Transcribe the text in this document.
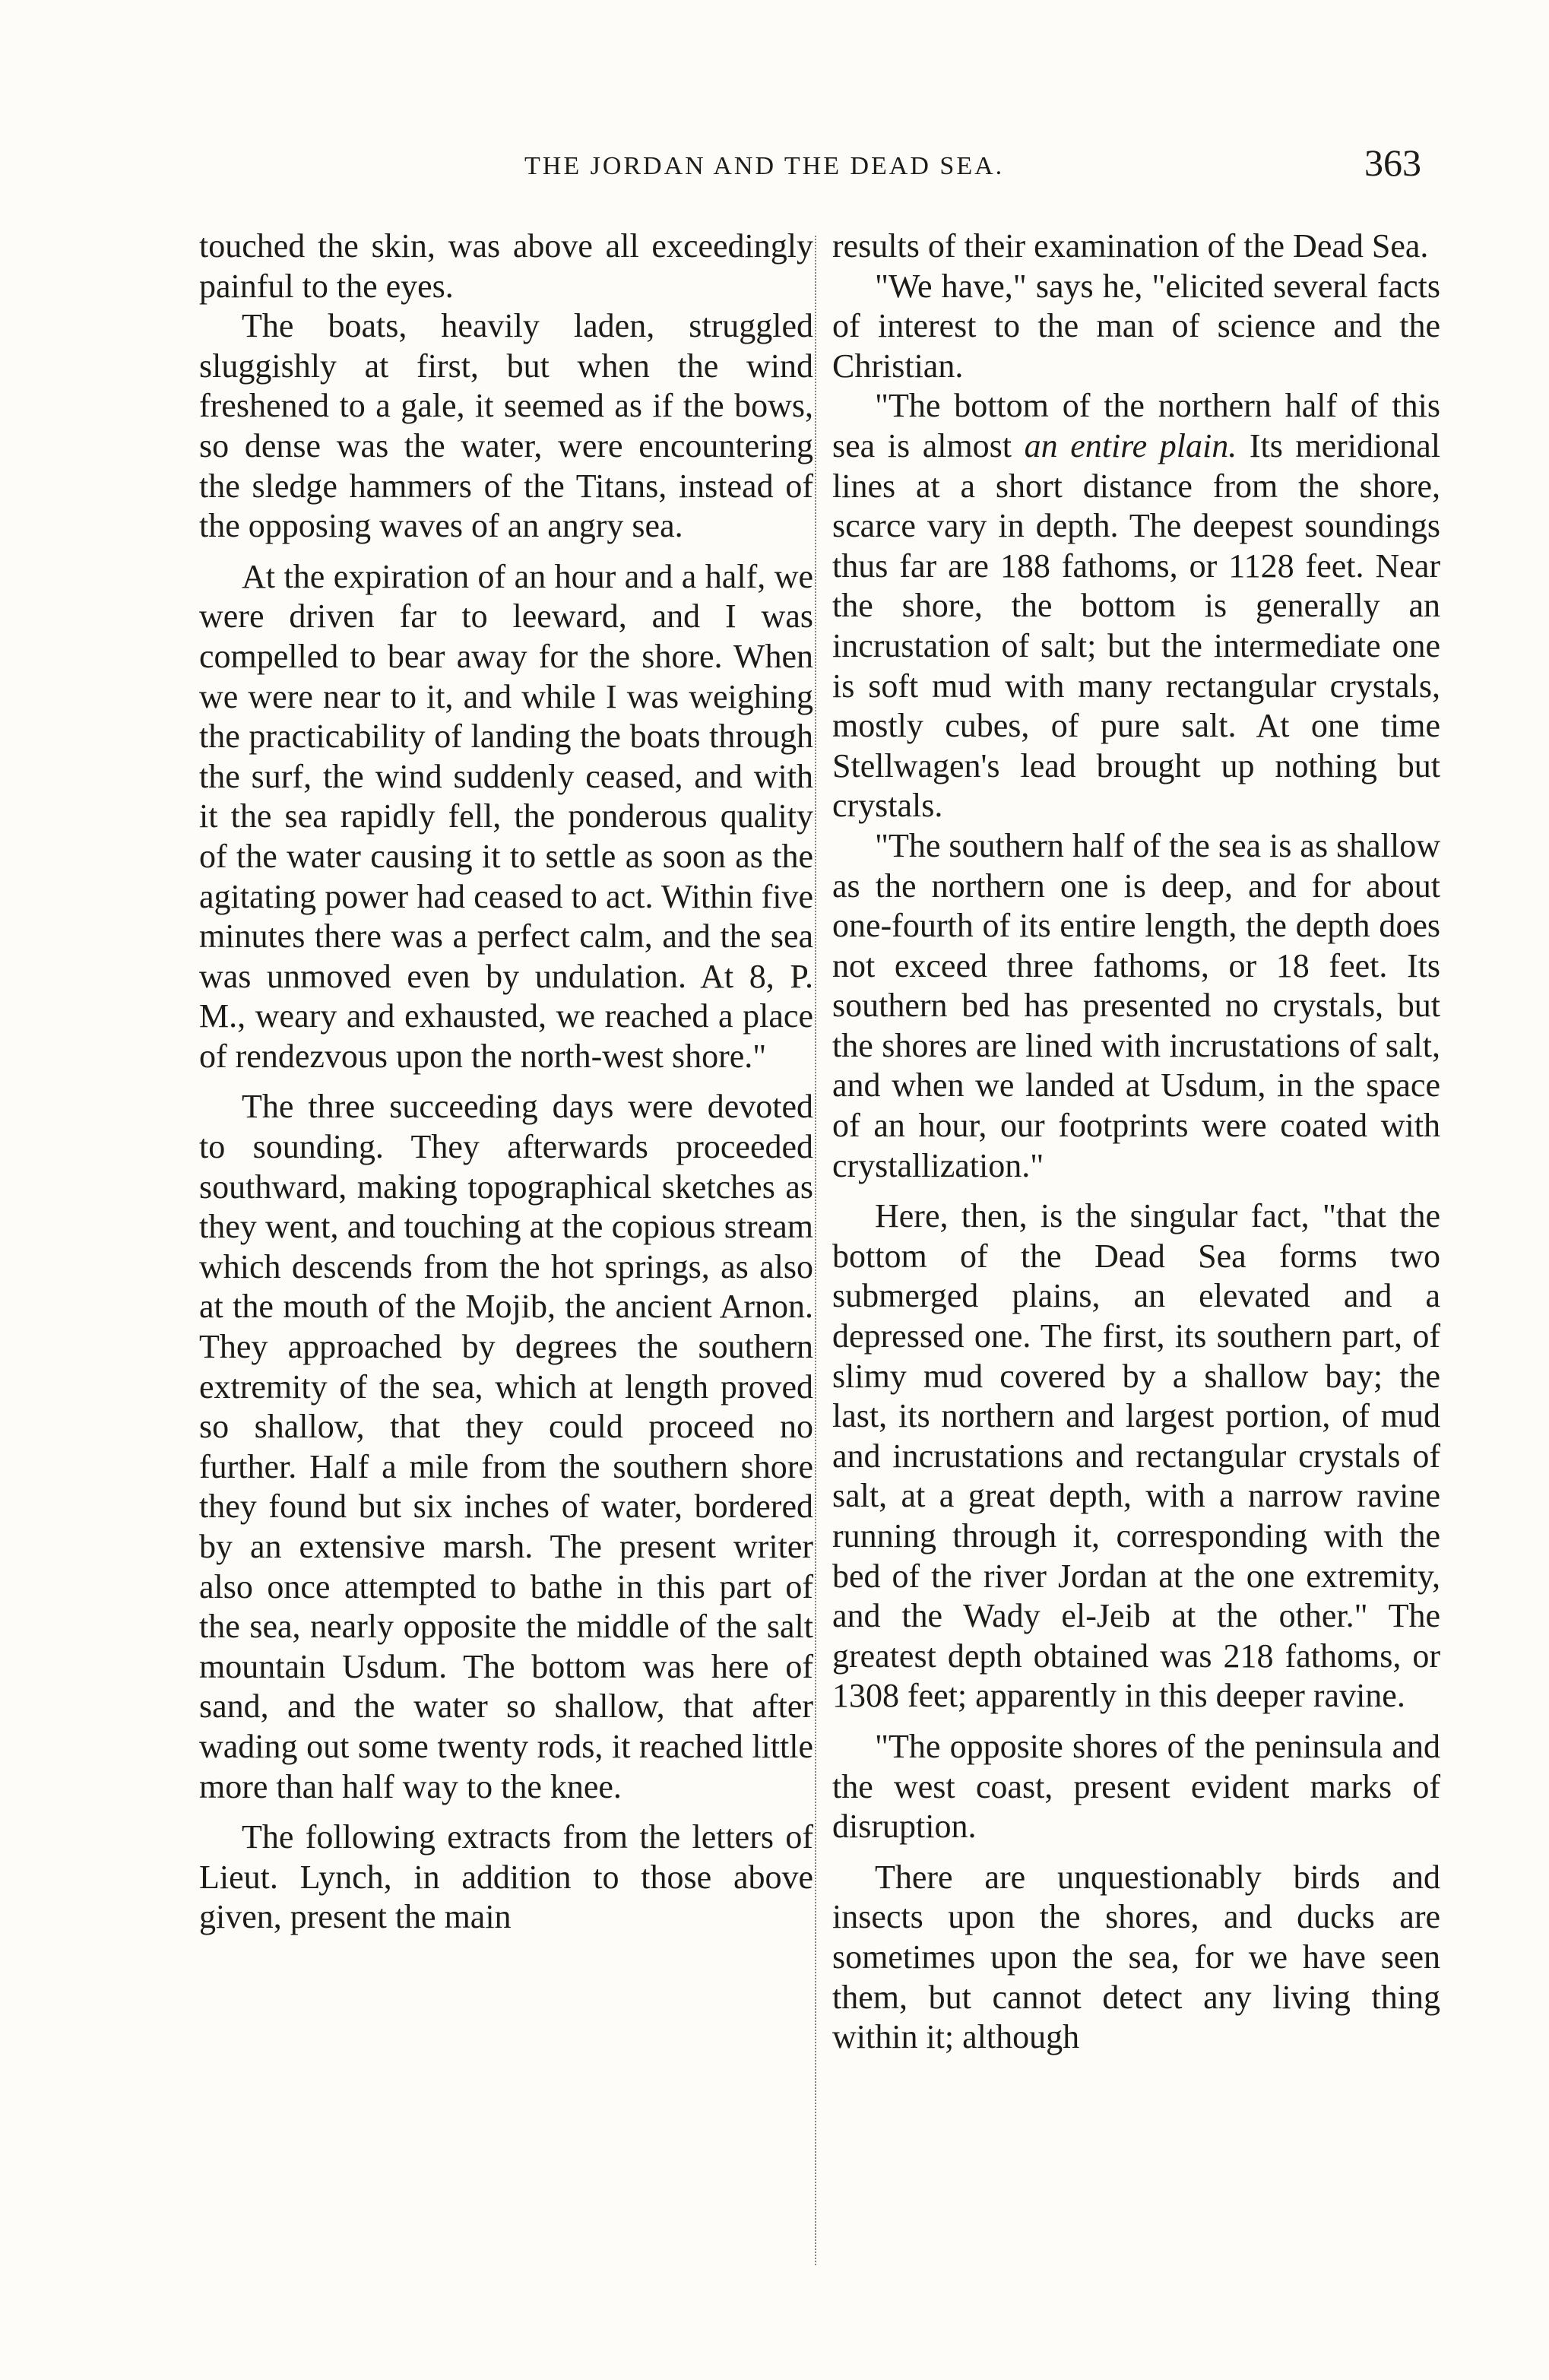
THE JORDAN AND THE DEAD SEA.	363

touched the skin, was above all exceedingly painful to the eyes.

The boats, heavily laden, struggled sluggishly at first, but when the wind freshened to a gale, it seemed as if the bows, so dense was the water, were encountering the sledge hammers of the Titans, instead of the opposing waves of an angry sea.

At the expiration of an hour and a half, we were driven far to leeward, and I was compelled to bear away for the shore. When we were near to it, and while I was weighing the practicability of landing the boats through the surf, the wind suddenly ceased, and with it the sea rapidly fell, the ponderous quality of the water causing it to settle as soon as the agitating power had ceased to act. Within five minutes there was a perfect calm, and the sea was unmoved even by undulation. At 8, P. M., weary and exhausted, we reached a place of rendezvous upon the north-west shore."

The three succeeding days were devoted to sounding. They afterwards proceeded southward, making topographical sketches as they went, and touching at the copious stream which descends from the hot springs, as also at the mouth of the Mojib, the ancient Arnon. They approached by degrees the southern extremity of the sea, which at length proved so shallow, that they could proceed no further. Half a mile from the southern shore they found but six inches of water, bordered by an extensive marsh. The present writer also once attempted to bathe in this part of the sea, nearly opposite the middle of the salt mountain Usdum. The bottom was here of sand, and the water so shallow, that after wading out some twenty rods, it reached little more than half way to the knee.

The following extracts from the letters of Lieut. Lynch, in addition to those above given, present the main

results of their examination of the Dead Sea.

"We have," says he, "elicited several facts of interest to the man of science and the Christian.

"The bottom of the northern half of this sea is almost an entire plain. Its meridional lines at a short distance from the shore, scarce vary in depth. The deepest soundings thus far are 188 fathoms, or 1128 feet. Near the shore, the bottom is generally an incrustation of salt; but the intermediate one is soft mud with many rectangular crystals, mostly cubes, of pure salt. At one time Stellwagen's lead brought up nothing but crystals.

"The southern half of the sea is as shallow as the northern one is deep, and for about one-fourth of its entire length, the depth does not exceed three fathoms, or 18 feet. Its southern bed has presented no crystals, but the shores are lined with incrustations of salt, and when we landed at Usdum, in the space of an hour, our footprints were coated with crystallization."

Here, then, is the singular fact, "that the bottom of the Dead Sea forms two submerged plains, an elevated and a depressed one. The first, its southern part, of slimy mud covered by a shallow bay; the last, its northern and largest portion, of mud and incrustations and rectangular crystals of salt, at a great depth, with a narrow ravine running through it, corresponding with the bed of the river Jordan at the one extremity, and the Wady el-Jeib at the other." The greatest depth obtained was 218 fathoms, or 1308 feet; apparently in this deeper ravine.

"The opposite shores of the peninsula and the west coast, present evident marks of disruption.

There are unquestionably birds and insects upon the shores, and ducks are sometimes upon the sea, for we have seen them, but cannot detect any living thing within it; although
